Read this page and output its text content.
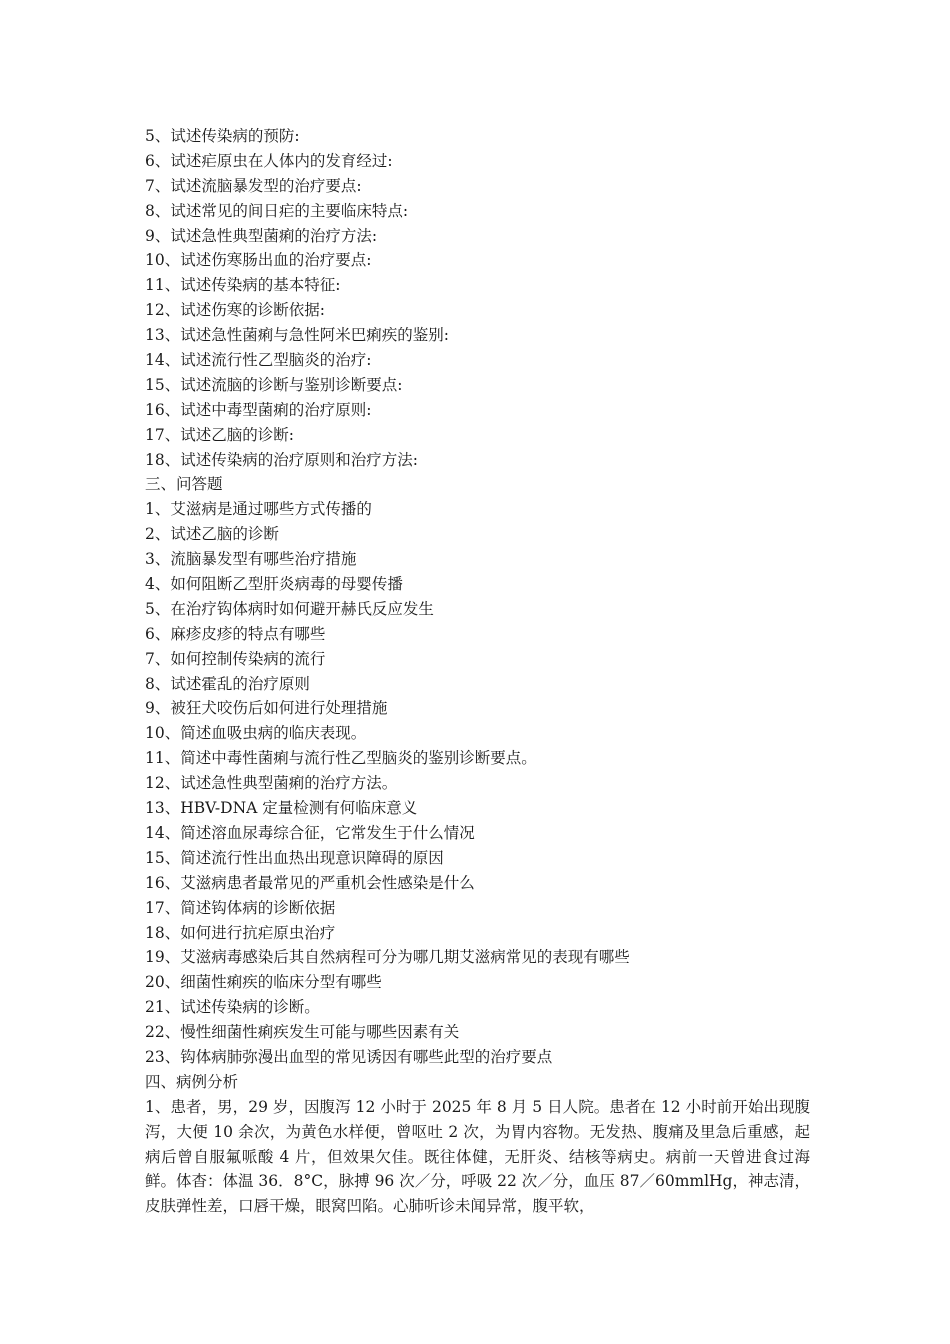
5、试述传染病的预防:
6、试述疟原虫在人体内的发育经过:
7、试述流脑暴发型的治疗要点:
8、试述常见的间日疟的主要临床特点:
9、试述急性典型菌痢的治疗方法:
10、试述伤寒肠出血的治疗要点:
11、试述传染病的基本特征:
12、试述伤寒的诊断依据:
13、试述急性菌痢与急性阿米巴痢疾的鉴别:
14、试述流行性乙型脑炎的治疗:
15、试述流脑的诊断与鉴别诊断要点:
16、试述中毒型菌痢的治疗原则:
17、试述乙脑的诊断:
18、试述传染病的治疗原则和治疗方法:
三、问答题
1、艾滋病是通过哪些方式传播的
2、试述乙脑的诊断
3、流脑暴发型有哪些治疗措施
4、如何阻断乙型肝炎病毒的母婴传播
5、在治疗钩体病时如何避开赫氏反应发生
6、麻疹皮疹的特点有哪些
7、如何控制传染病的流行
8、试述霍乱的治疗原则
9、被狂犬咬伤后如何进行处理措施
10、简述血吸虫病的临庆表现。
11、简述中毒性菌痢与流行性乙型脑炎的鉴别诊断要点。
12、试述急性典型菌痢的治疗方法。
13、HBV-DNA 定量检测有何临床意义
14、简述溶血尿毒综合征，它常发生于什么情况
15、简述流行性出血热出现意识障碍的原因
16、艾滋病患者最常见的严重机会性感染是什么
17、简述钩体病的诊断依据
18、如何进行抗疟原虫治疗
19、艾滋病毒感染后其自然病程可分为哪几期艾滋病常见的表现有哪些
20、细菌性痢疾的临床分型有哪些
21、试述传染病的诊断。
22、慢性细菌性痢疾发生可能与哪些因素有关
23、钩体病肺弥漫出血型的常见诱因有哪些此型的治疗要点
四、病例分析

1、患者，男，29 岁，因腹泻 12 小时于 2025 年 8 月 5 日人院。患者在 12 小时前开始出现腹泻，大便 10 余次，为黄色水样便，曾呕吐 2 次，为胃内容物。无发热、腹痛及里急后重感，起病后曾自服氟哌酸 4 片，但效果欠佳。既往体健，无肝炎、结核等病史。病前一天曾进食过海鲜。体杳：体温 36．8°C，脉搏 96 次／分，呼吸 22 次／分，血压 87／60mmlHg，神志清，皮肤弹性差，口唇干燥，眼窝凹陷。心肺听诊未闻异常，腹平软，
